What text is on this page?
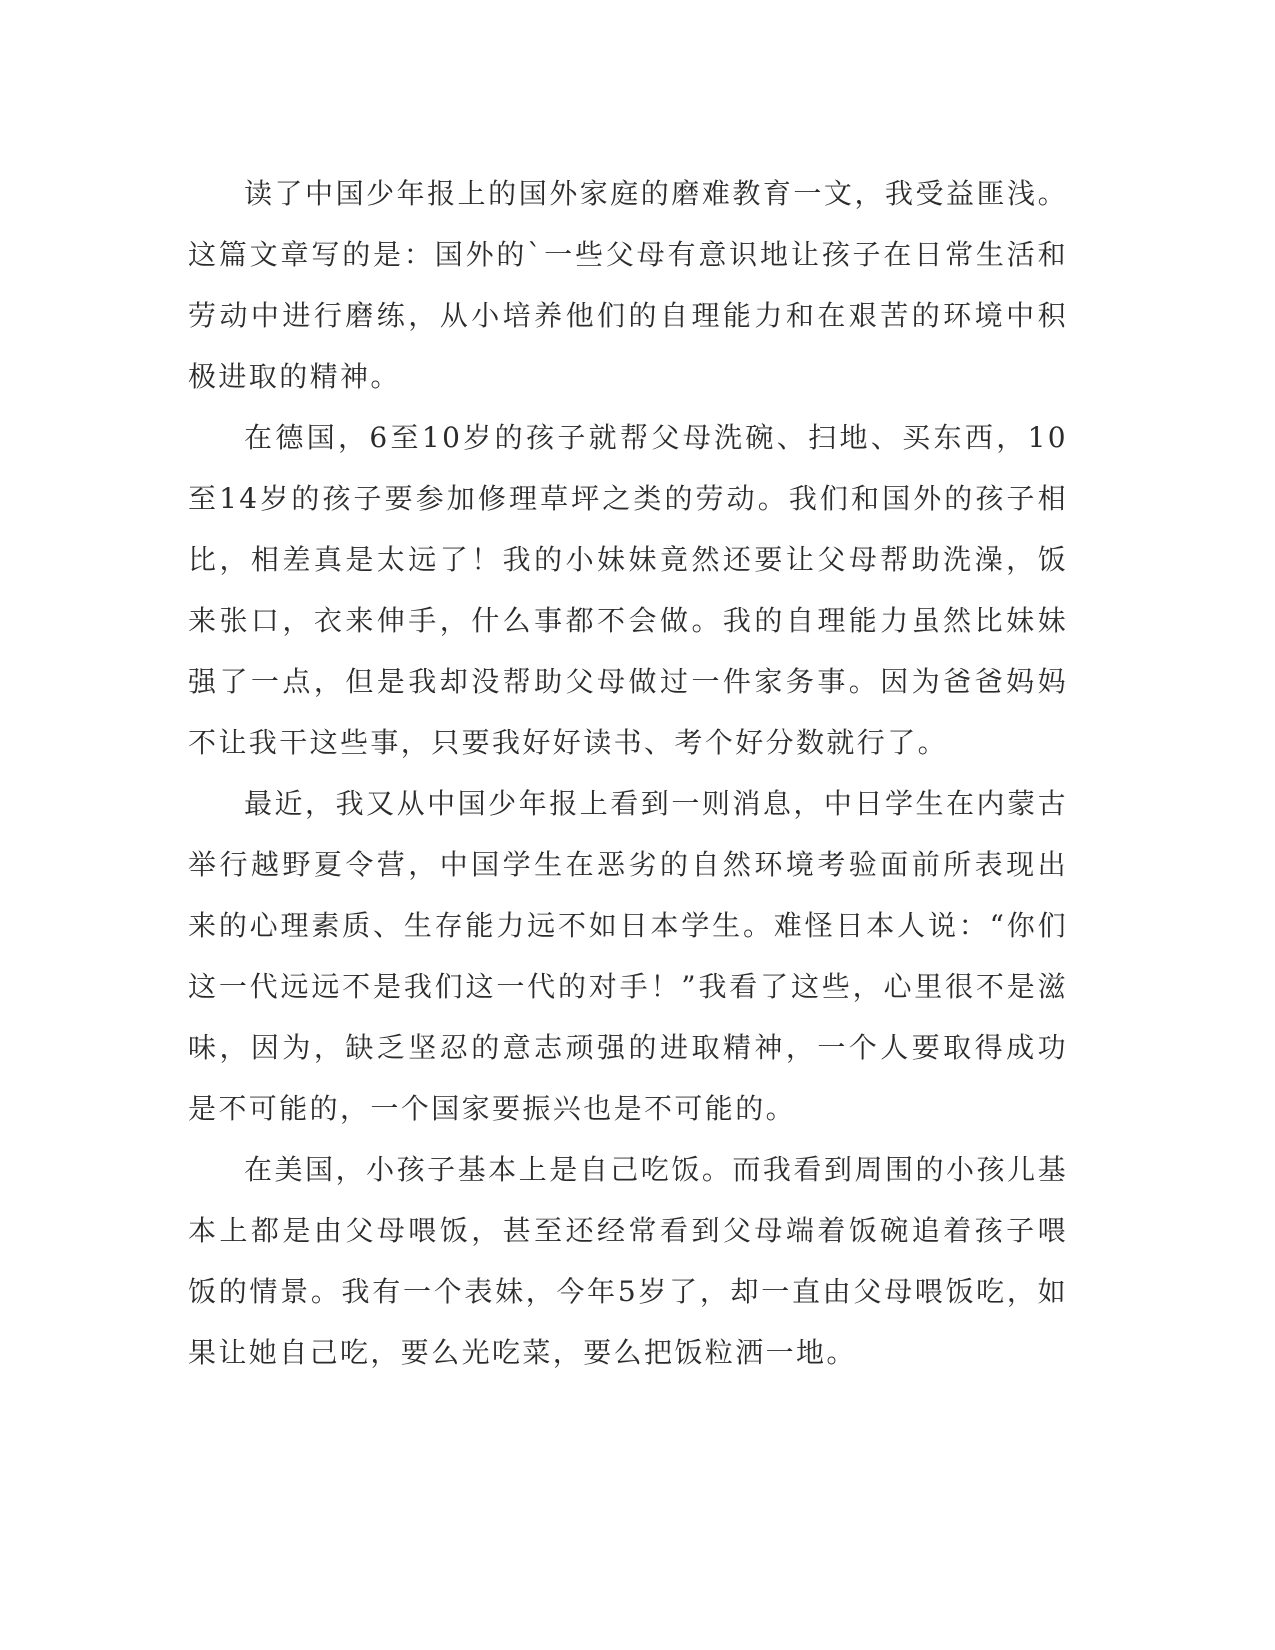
读了中国少年报上的国外家庭的磨难教育一文，我受益匪浅。这篇文章写的是：国外的`一些父母有意识地让孩子在日常生活和劳动中进行磨练，从小培养他们的自理能力和在艰苦的环境中积极进取的精神。

在德国，6至10岁的孩子就帮父母洗碗、扫地、买东西，10至14岁的孩子要参加修理草坪之类的劳动。我们和国外的孩子相比，相差真是太远了！我的小妹妹竟然还要让父母帮助洗澡，饭来张口，衣来伸手，什么事都不会做。我的自理能力虽然比妹妹强了一点，但是我却没帮助父母做过一件家务事。因为爸爸妈妈不让我干这些事，只要我好好读书、考个好分数就行了。

最近，我又从中国少年报上看到一则消息，中日学生在内蒙古举行越野夏令营，中国学生在恶劣的自然环境考验面前所表现出来的心理素质、生存能力远不如日本学生。难怪日本人说：“你们这一代远远不是我们这一代的对手！”我看了这些，心里很不是滋味，因为，缺乏坚忍的意志顽强的进取精神，一个人要取得成功是不可能的，一个国家要振兴也是不可能的。

在美国，小孩子基本上是自己吃饭。而我看到周围的小孩儿基本上都是由父母喂饭，甚至还经常看到父母端着饭碗追着孩子喂饭的情景。我有一个表妹，今年5岁了，却一直由父母喂饭吃，如果让她自己吃，要么光吃菜，要么把饭粒洒一地。
